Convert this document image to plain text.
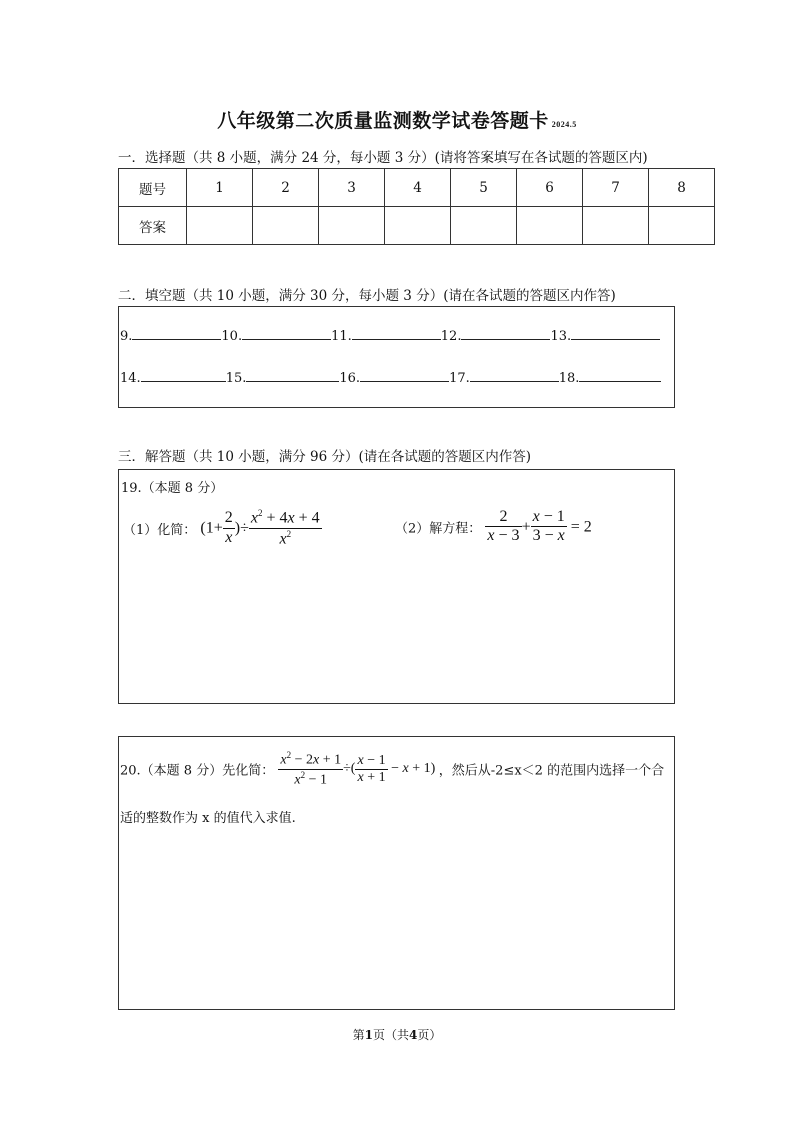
八年级第二次质量监测数学试卷答题卡 2024.5
一．选择题（共 8 小题，满分 24 分，每小题 3 分）(请将答案填写在各试题的答题区内)
题号	1	2	3	4	5	6	7	8
答案								
二．填空题（共 10 小题，满分 30 分，每小题 3 分）(请在各试题的答题区内作答)
9.	10.	11.	12.	13.
14.	15.	16.	17.	18.
三．解答题（共 10 小题，满分 96 分）(请在各试题的答题区内作答)
19.（本题 8 分）
（1）化简： ($1+ \frac{2}{x}$ )÷ $\frac{x^2 + 4x + 4}{x^2}$	（2）解方程： $\frac{2}{x - 3} + \frac{x - 1}{3 - x} = 2$
20.（本题 8 分）先化简： $\frac{x^2 - 2x + 1}{x^2 - 1}$ ÷( $\frac{x - 1}{x + 1} - x + 1$) ，然后从-2≤x＜2 的范围内选择一个合
适的整数作为 x 的值代入求值.
第1页（共4页）
